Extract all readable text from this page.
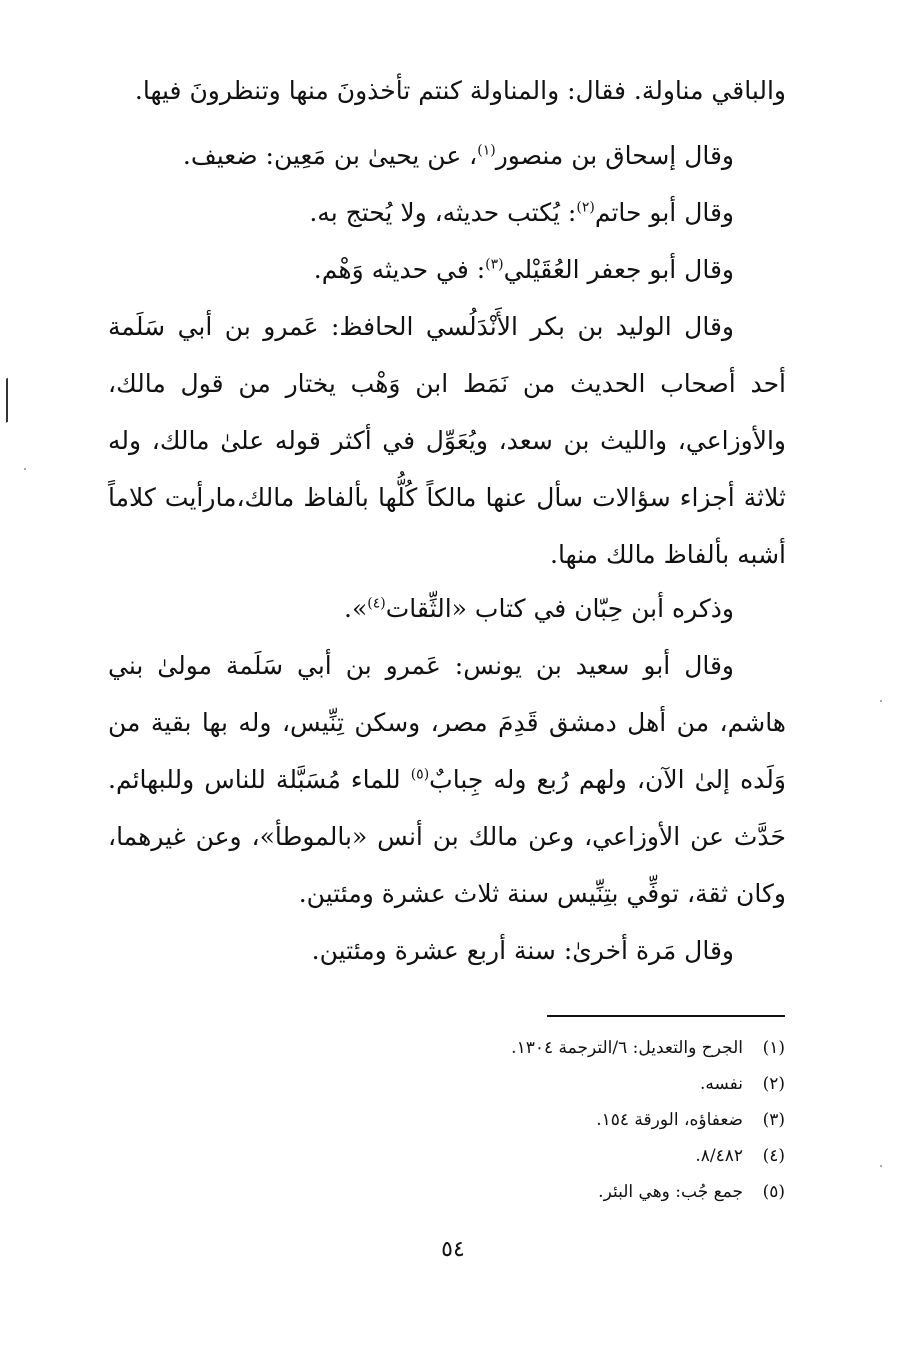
والباقي مناولة. فقال: والمناولة كنتم تأخذونَ منها وتنظرونَ فيها.

وقال إسحاق بن منصور$^{(١)}$، عن يحيىٰ بن مَعِين: ضعيف.

وقال أبو حاتم$^{(٢)}$: يُكتب حديثه، ولا يُحتج به.

وقال أبو جعفر العُقَيْلي$^{(٣)}$: في حديثه وَهْم.

وقال الوليد بن بكر الأَنْدَلُسي الحافظ: عَمرو بن أبي سَلَمة أحد أصحاب الحديث من نَمَط ابن وَهْب يختار من قول مالك، والأوزاعي، والليث بن سعد، ويُعَوِّل في أكثر قوله علىٰ مالك، وله ثلاثة أجزاء سؤالات سأل عنها مالكاً كُلُّها بألفاظ مالك،مارأيت كلاماً أشبه بألفاظ مالك منها.

وذكره أبن حِبّان في كتاب «الثِّقات$^{(٤)}$».

وقال أبو سعيد بن يونس: عَمرو بن أبي سَلَمة مولىٰ بني هاشم، من أهل دمشق قَدِمَ مصر، وسكن تِنِّيس، وله بها بقية من وَلَده إلىٰ الآن، ولهم رُبع وله جِبابٌ$^{(٥)}$ للماء مُسَبَّلة للناس وللبهائم. حَدَّث عن الأوزاعي، وعن مالك بن أنس «بالموطأ»، وعن غيرهما، وكان ثقة، توفِّي بتِنِّيس سنة ثلاث عشرة ومئتين.

وقال مَرة أخرىٰ: سنة أربع عشرة ومئتين.

(١)
الجرح والتعديل: ٦/الترجمة ١٣٠٤.
(٢)
نفسه.
(٣)
ضعفاؤه، الورقة ١٥٤.
(٤)
٨/٤٨٢.
(٥)
جمع جُب: وهي البئر.
٥٤
